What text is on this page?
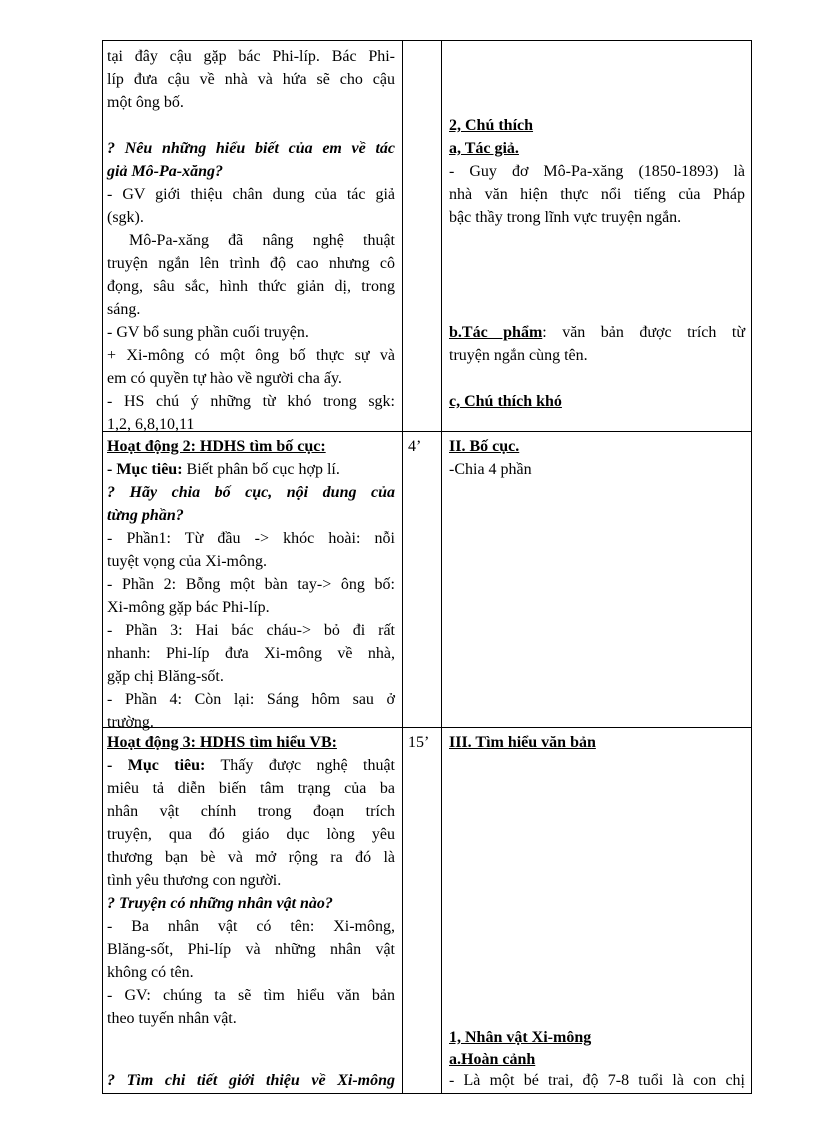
tại đây cậu gặp bác Phi-líp. Bác Phi-
líp đưa cậu về nhà và hứa sẽ cho cậu
một ông bố.
? Nêu những hiểu biết của em về tác
giả Mô-Pa-xăng?
- GV giới thiệu chân dung của tác giả
(sgk).
Mô-Pa-xăng đã nâng nghệ thuật
truyện ngắn lên trình độ cao nhưng cô
đọng, sâu sắc, hình thức giản dị, trong
sáng.
- GV bổ sung phần cuối truyện.
+ Xi-mông có một ông bố thực sự và
em có quyền tự hào về người cha ấy.
- HS chú ý những từ khó trong sgk:
1,2, 6,8,10,11
Hoạt động 2: HDHS tìm bố cục:
- Mục tiêu: Biết phân bố cục hợp lí.
? Hãy chia bố cục, nội dung của
từng phần?
- Phần1: Từ đầu -> khóc hoài: nỗi
tuyệt vọng của Xi-mông.
- Phần 2: Bỗng một bàn tay-> ông bố:
Xi-mông gặp bác Phi-líp.
- Phần 3: Hai bác cháu-> bỏ đi rất
nhanh: Phi-líp đưa Xi-mông về nhà,
gặp chị Blăng-sốt.
- Phần 4: Còn lại: Sáng hôm sau ở
trường.
Hoạt động 3: HDHS tìm hiểu VB:
- Mục tiêu: Thấy được nghệ thuật
miêu tả diễn biến tâm trạng của ba
nhân vật chính trong đoạn trích
truyện, qua đó giáo dục lòng yêu
thương bạn bè và mở rộng ra đó là
tình yêu thương con người.
? Truyện có những nhân vật nào?
- Ba nhân vật có tên: Xi-mông,
Blăng-sốt, Phi-líp và những nhân vật
không có tên.
- GV: chúng ta sẽ tìm hiểu văn bản
theo tuyến nhân vật.
? Tìm chi tiết giới thiệu về Xi-mông
4’
15’
2, Chú thích
a, Tác giả.
- Guy đơ Mô-Pa-xăng (1850-1893) là
nhà văn hiện thực nổi tiếng của Pháp
bậc thầy trong lĩnh vực truyện ngắn.
b.Tác phẩm: văn bản được trích từ
truyện ngắn cùng tên.
c, Chú thích khó
II. Bố cục.
-Chia 4 phần
III. Tìm hiểu văn bản
1, Nhân vật Xi-mông
a.Hoàn cảnh
- Là một bé trai, độ 7-8 tuổi là con chị
